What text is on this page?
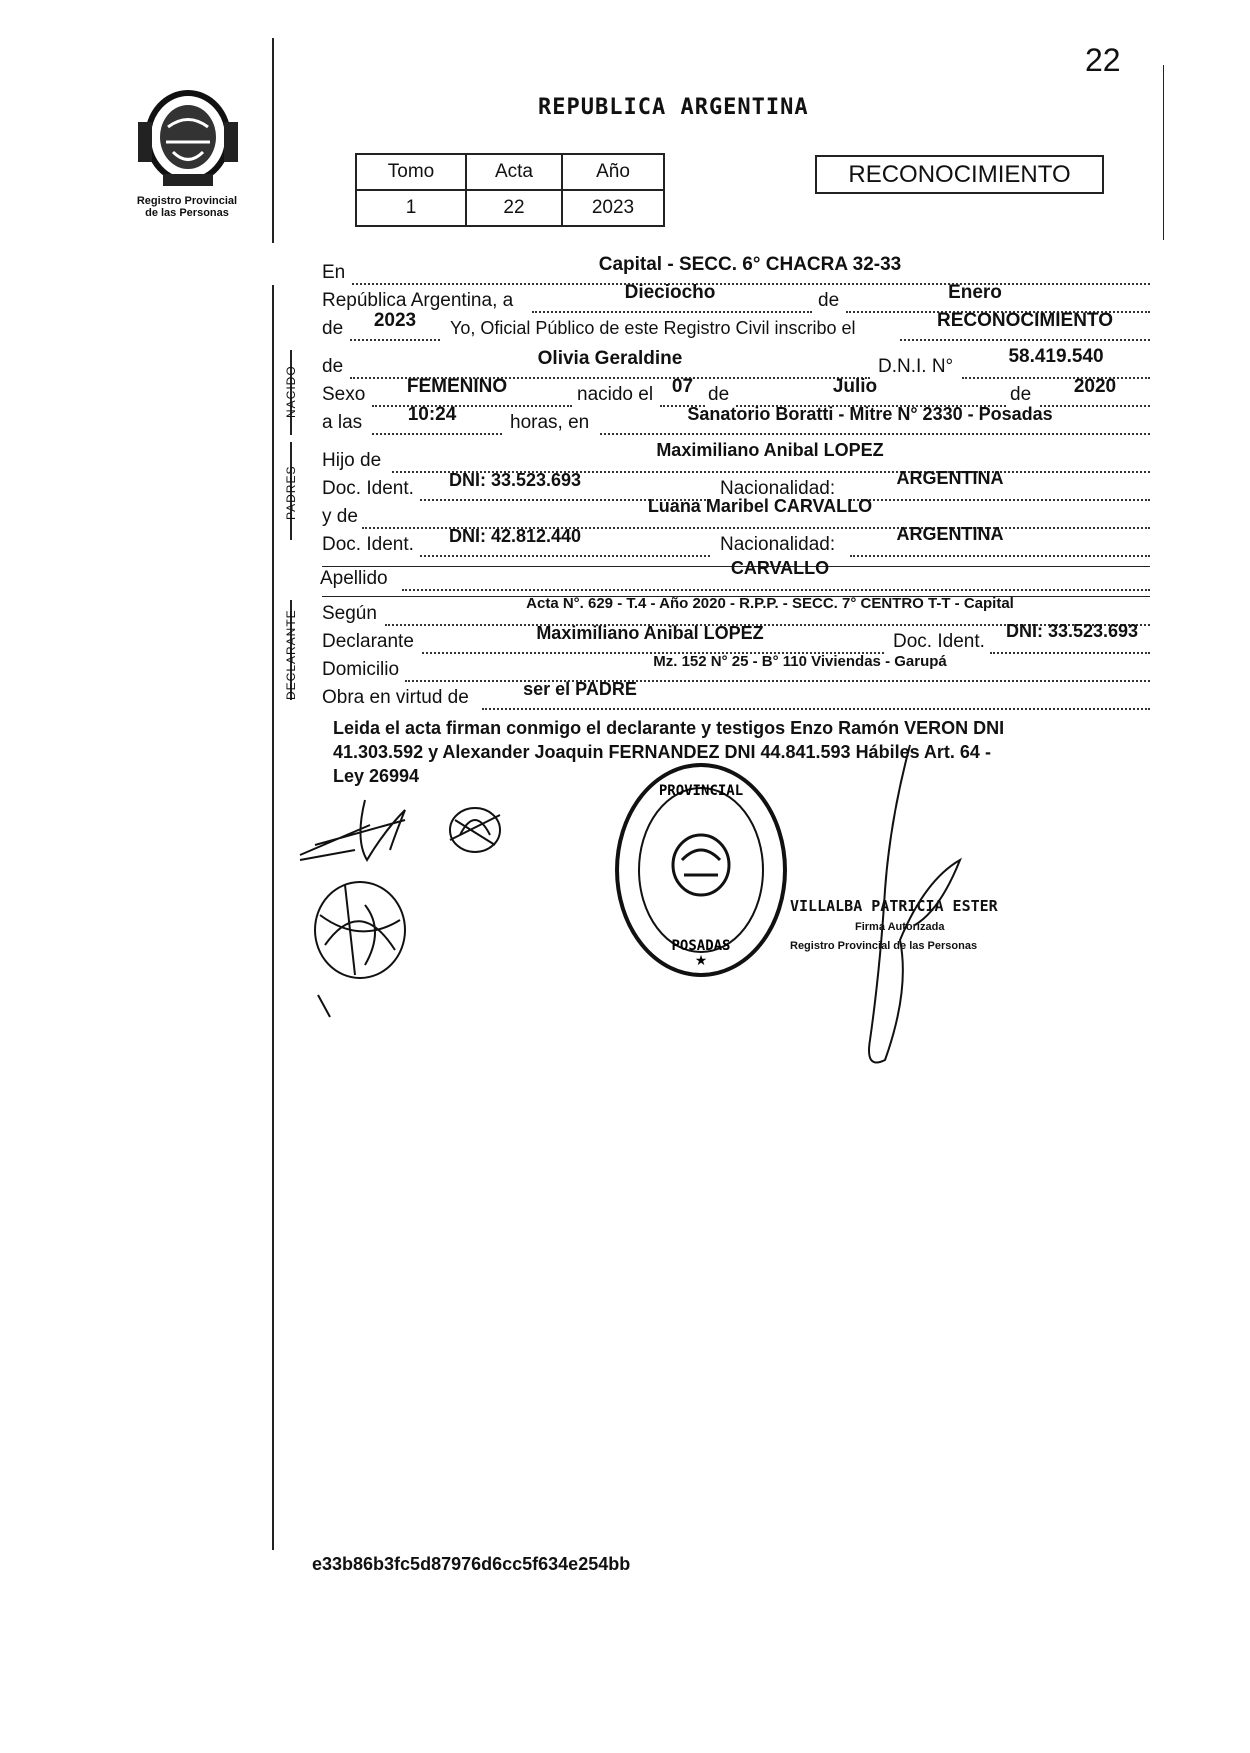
22
Registro Provincial
de las Personas
REPUBLICA ARGENTINA
Tomo	Acta	Año
1	22	2023
RECONOCIMIENTO
NACIDO
PADRES
DECLARANTE
En	Capital - SECC. 6° CHACRA 32-33
República Argentina, a	Dieciocho	de	Enero
de	2023	Yo, Oficial Público de este Registro Civil inscribo el	RECONOCIMIENTO
de	Olivia Geraldine	D.N.I. N°	58.419.540
Sexo	FEMENINO	nacido el 07 de	Julio	de	2020
a las	10:24	horas, en	Sanatorio Boratti - Mitre N° 2330 - Posadas
Hijo de	Maximiliano Anibal LOPEZ
Doc. Ident.	DNI: 33.523.693	Nacionalidad:	ARGENTINA
y de	Luana Maribel CARVALLO
Doc. Ident.	DNI: 42.812.440	Nacionalidad:	ARGENTINA
Apellido	CARVALLO
Según	Acta N°. 629 - T.4 - Año 2020 - R.P.P. - SECC. 7° CENTRO T-T - Capital
Declarante	Maximiliano Anibal LOPEZ	Doc. Ident.	DNI: 33.523.693
Domicilio	Mz. 152 N° 25 - B° 110 Viviendas - Garupá
Obra en virtud de	ser el PADRE
Leida el acta firman conmigo el declarante y testigos Enzo Ramón VERON DNI
41.303.592 y Alexander Joaquin FERNANDEZ DNI 44.841.593 Hábiles Art. 64 -
Ley 26994
PROVINCIAL
POSADAS
★
VILLALBA PATRICIA ESTER
Firma Autorizada
Registro Provincial de las Personas
e33b86b3fc5d87976d6cc5f634e254bb
